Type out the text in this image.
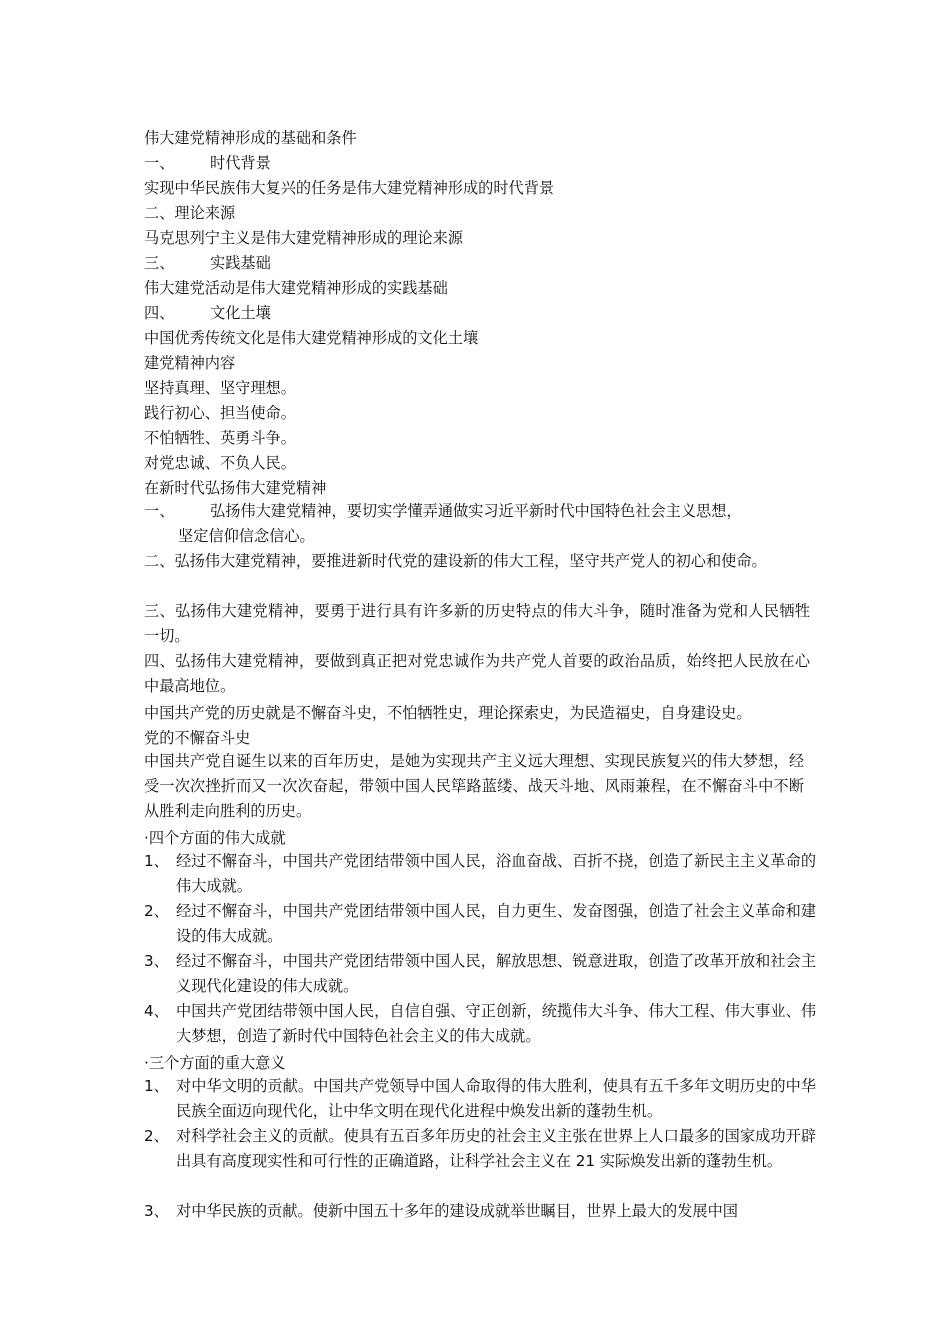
伟大建党精神形成的基础和条件
一、 时代背景
实现中华民族伟大复兴的任务是伟大建党精神形成的时代背景
二、理论来源
马克思列宁主义是伟大建党精神形成的理论来源
三、 实践基础
伟大建党活动是伟大建党精神形成的实践基础
四、 文化土壤
中国优秀传统文化是伟大建党精神形成的文化土壤
建党精神内容
坚持真理、坚守理想。
践行初心、担当使命。
不怕牺牲、英勇斗争。
对党忠诚、不负人民。
在新时代弘扬伟大建党精神
一、 弘扬伟大建党精神，要切实学懂弄通做实习近平新时代中国特色社会主义思想，
坚定信仰信念信心。
二、弘扬伟大建党精神，要推进新时代党的建设新的伟大工程，坚守共产党人的初心和使命。
三、弘扬伟大建党精神，要勇于进行具有许多新的历史特点的伟大斗争，随时准备为党和人民牺牲一切。
四、弘扬伟大建党精神，要做到真正把对党忠诚作为共产党人首要的政治品质，始终把人民放在心中最高地位。
中国共产党的历史就是不懈奋斗史，不怕牺牲史，理论探索史，为民造福史，自身建设史。
党的不懈奋斗史
中国共产党自诞生以来的百年历史，是她为实现共产主义远大理想、实现民族复兴的伟大梦想，经受一次次挫折而又一次次奋起，带领中国人民筚路蓝缕、战天斗地、风雨兼程，在不懈奋斗中不断从胜利走向胜利的历史。
·四个方面的伟大成就
1、 经过不懈奋斗，中国共产党团结带领中国人民，浴血奋战、百折不挠，创造了新民主主义革命的伟大成就。
2、 经过不懈奋斗，中国共产党团结带领中国人民，自力更生、发奋图强，创造了社会主义革命和建设的伟大成就。
3、 经过不懈奋斗，中国共产党团结带领中国人民，解放思想、锐意进取，创造了改革开放和社会主义现代化建设的伟大成就。
4、 中国共产党团结带领中国人民，自信自强、守正创新，统揽伟大斗争、伟大工程、伟大事业、伟大梦想，创造了新时代中国特色社会主义的伟大成就。
·三个方面的重大意义
1、 对中华文明的贡献。中国共产党领导中国人命取得的伟大胜利，使具有五千多年文明历史的中华民族全面迈向现代化，让中华文明在现代化进程中焕发出新的蓬勃生机。
2、 对科学社会主义的贡献。使具有五百多年历史的社会主义主张在世界上人口最多的国家成功开辟出具有高度现实性和可行性的正确道路，让科学社会主义在 21 实际焕发出新的蓬勃生机。
3、 对中华民族的贡献。使新中国五十多年的建设成就举世瞩目，世界上最大的发展中国
